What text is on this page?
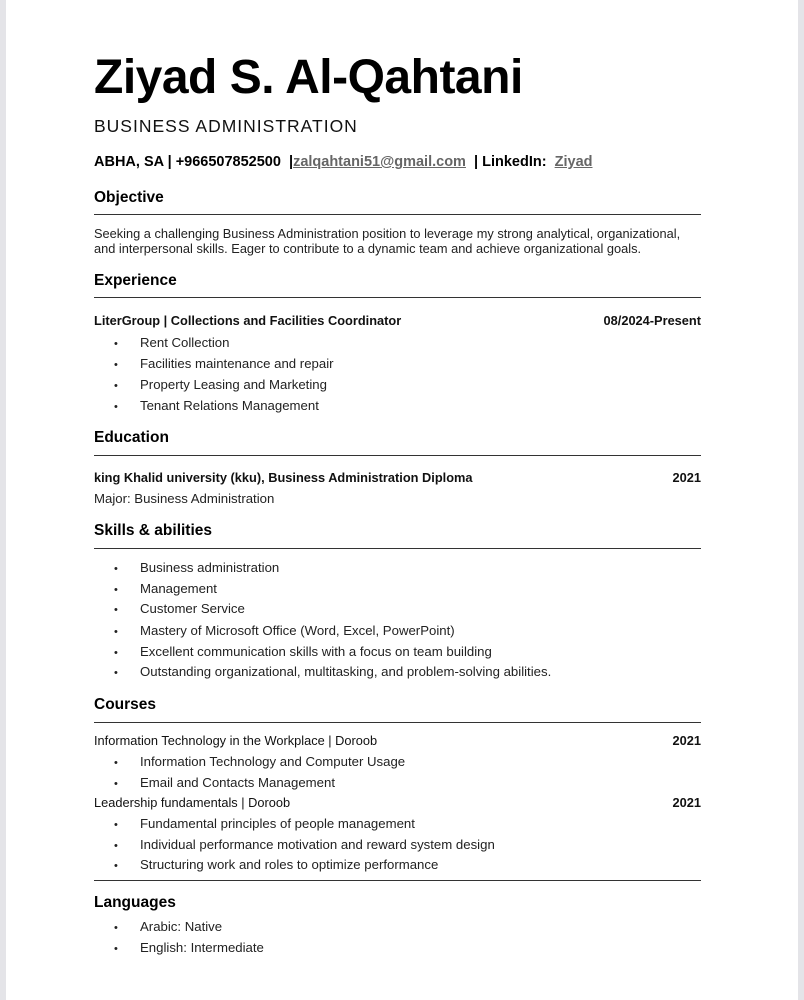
Ziyad S. Al-Qahtani
BUSINESS ADMINISTRATION
ABHA, SA | +966507852500 |zalqahtani51@gmail.com | LinkedIn: Ziyad
Objective
Seeking a challenging Business Administration position to leverage my strong analytical, organizational, and interpersonal skills. Eager to contribute to a dynamic team and achieve organizational goals.
Experience
LiterGroup | Collections and Facilities Coordinator	08/2024-Present
• Rent Collection
• Facilities maintenance and repair
• Property Leasing and Marketing
• Tenant Relations Management
Education
king Khalid university (kku), Business Administration Diploma	2021
Major: Business Administration
Skills & abilities
• Business administration
• Management
• Customer Service
• Mastery of Microsoft Office (Word, Excel, PowerPoint)
• Excellent communication skills with a focus on team building
• Outstanding organizational, multitasking, and problem-solving abilities.
Courses
Information Technology in the Workplace | Doroob	2021
• Information Technology and Computer Usage
• Email and Contacts Management
Leadership fundamentals | Doroob	2021
• Fundamental principles of people management
• Individual performance motivation and reward system design
• Structuring work and roles to optimize performance
Languages
• Arabic: Native
• English: Intermediate
